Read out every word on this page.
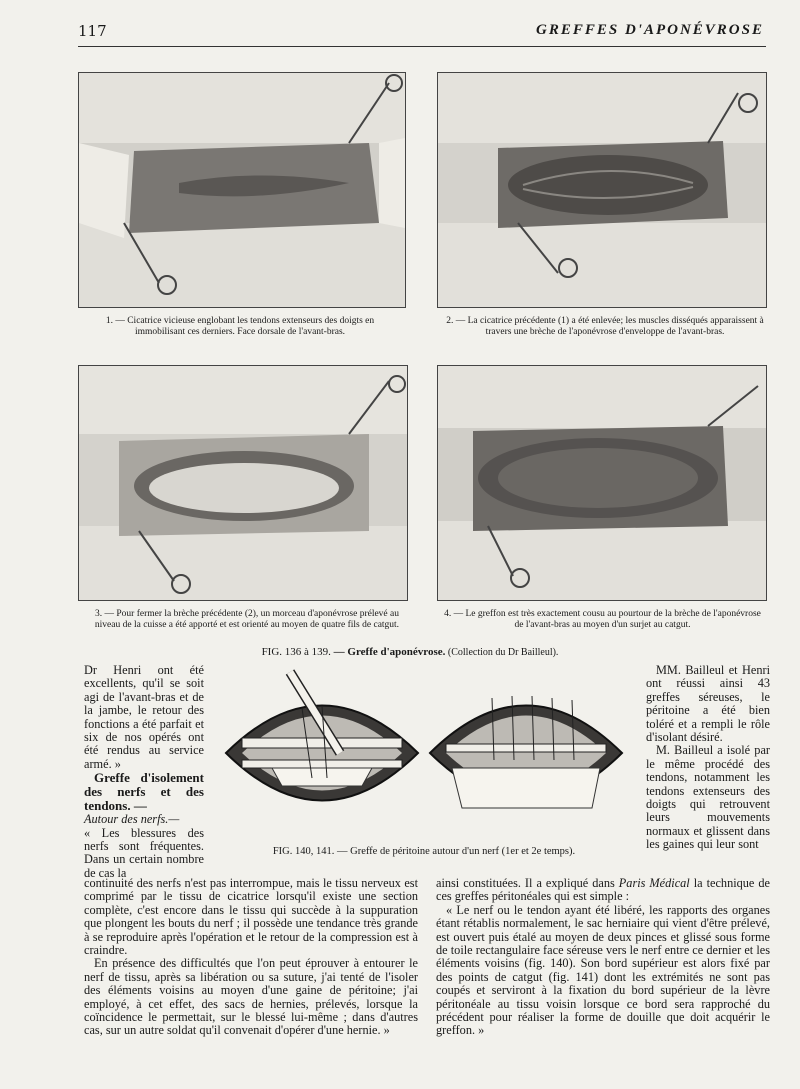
117	GREFFES D'APONÉVROSE
1. — Cicatrice vicieuse englobant les tendons extenseurs des doigts en immobilisant ces derniers. Face dorsale de l'avant-bras.
2. — La cicatrice précédente (1) a été enlevée; les muscles disséqués apparaissent à travers une brèche de l'aponévrose d'enveloppe de l'avant-bras.
3. — Pour fermer la brèche précédente (2), un morceau d'aponévrose prélevé au niveau de la cuisse a été apporté et est orienté au moyen de quatre fils de catgut.
4. — Le greffon est très exactement cousu au pourtour de la brèche de l'aponévrose de l'avant-bras au moyen d'un surjet au catgut.
FIG. 136 à 139. — Greffe d'aponévrose. (Collection du Dr Bailleul).

Dr Henri ont été excellents, qu'il se soit agi de l'avant-bras et de la jambe, le retour des fonctions a été parfait et six de nos opérés ont été rendus au service armé. »

Greffe d'isolement des nerfs et des tendons. —

Autour des nerfs.—

« Les blessures des nerfs sont fréquentes. Dans un certain nombre de cas la

FIG. 140, 141. — Greffe de péritoine autour d'un nerf (1er et 2e temps).

MM. Bailleul et Henri ont réussi ainsi 43 greffes séreuses, le péritoine a été bien toléré et a rempli le rôle d'isolant désiré.

M. Bailleul a isolé par le même procédé des tendons, notamment les tendons extenseurs des doigts qui retrouvent leurs mouvements normaux et glissent dans les gaines qui leur sont

continuité des nerfs n'est pas interrompue, mais le tissu nerveux est comprimé par le tissu de cicatrice lorsqu'il existe une section complète, c'est encore dans le tissu qui succède à la suppuration que plongent les bouts du nerf ; il possède une tendance très grande à se reproduire après l'opération et le retour de la compression est à craindre.

En présence des difficultés que l'on peut éprouver à entourer le nerf de tissu, après sa libération ou sa suture, j'ai tenté de l'isoler des éléments voisins au moyen d'une gaine de péritoine; j'ai employé, à cet effet, des sacs de hernies, prélevés, lorsque la coïncidence le permettait, sur le blessé lui-même ; dans d'autres cas, sur un autre soldat qu'il convenait d'opérer d'une hernie. »

ainsi constituées. Il a expliqué dans Paris Médical la technique de ces greffes péritonéales qui est simple :

« Le nerf ou le tendon ayant été libéré, les rapports des organes étant rétablis normalement, le sac herniaire qui vient d'être prélevé, est ouvert puis étalé au moyen de deux pinces et glissé sous forme de toile rectangulaire face séreuse vers le nerf entre ce dernier et les éléments voisins (fig. 140). Son bord supérieur est alors fixé par des points de catgut (fig. 141) dont les extrémités ne sont pas coupés et serviront à la fixation du bord supérieur de la lèvre péritonéale au tissu voisin lorsque ce bord sera rapproché du précédent pour réaliser la forme de douille que doit acquérir le greffon. »
